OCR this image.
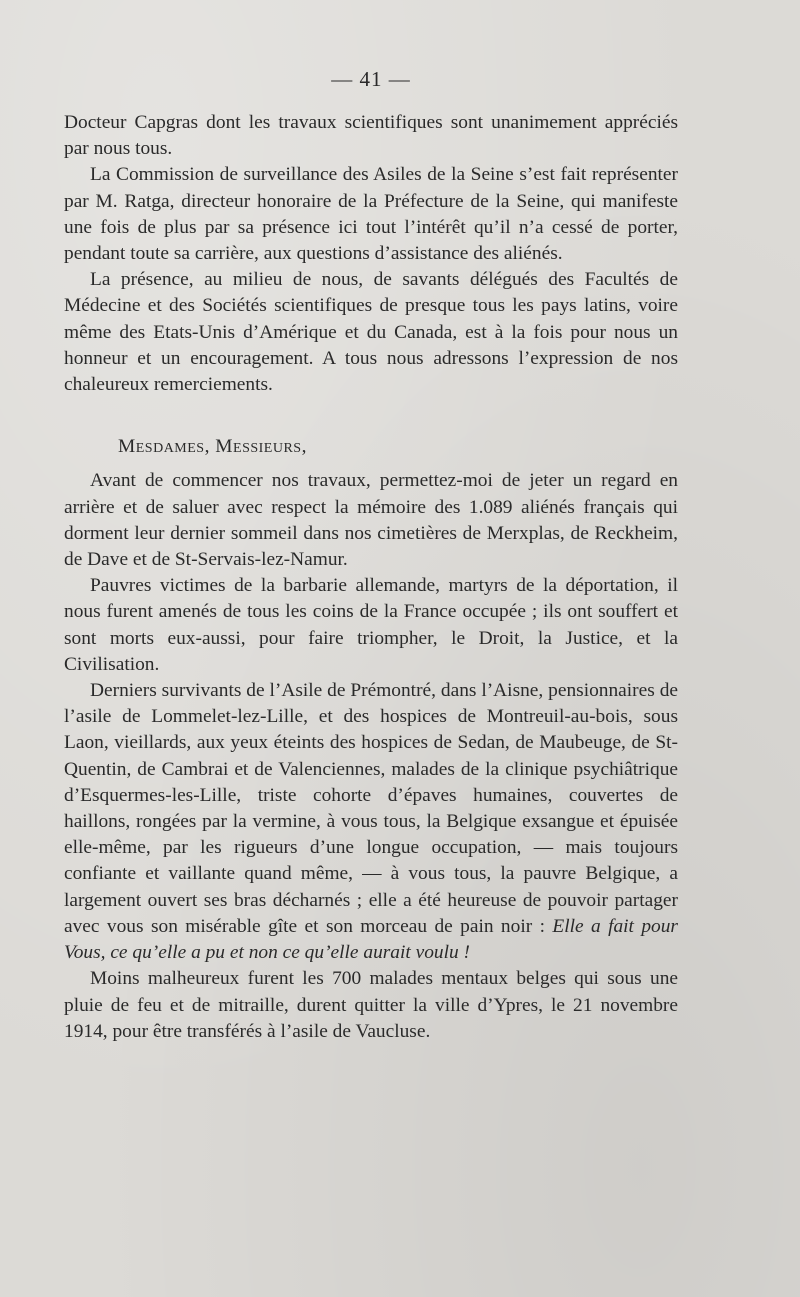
— 41 —

Docteur Capgras dont les travaux scientifiques sont unanimement appréciés par nous tous.

La Commission de surveillance des Asiles de la Seine s’est fait représenter par M. Ratga, directeur honoraire de la Préfecture de la Seine, qui manifeste une fois de plus par sa présence ici tout l’intérêt qu’il n’a cessé de porter, pendant toute sa carrière, aux questions d’assistance des aliénés.

La présence, au milieu de nous, de savants délégués des Facultés de Médecine et des Sociétés scientifiques de presque tous les pays latins, voire même des Etats-Unis d’Amérique et du Canada, est à la fois pour nous un honneur et un encouragement. A tous nous adressons l’expression de nos chaleureux remerciements.

Mesdames, Messieurs,

Avant de commencer nos travaux, permettez-moi de jeter un regard en arrière et de saluer avec respect la mémoire des 1.089 aliénés français qui dorment leur dernier sommeil dans nos cimetières de Merxplas, de Reckheim, de Dave et de St-Servais-lez-Namur.

Pauvres victimes de la barbarie allemande, martyrs de la déportation, il nous furent amenés de tous les coins de la France occupée ; ils ont souffert et sont morts eux-aussi, pour faire triompher, le Droit, la Justice, et la Civilisation.

Derniers survivants de l’Asile de Prémontré, dans l’Aisne, pensionnaires de l’asile de Lommelet-lez-Lille, et des hospices de Montreuil-au-bois, sous Laon, vieillards, aux yeux éteints des hospices de Sedan, de Maubeuge, de St-Quentin, de Cambrai et de Valenciennes, malades de la clinique psychiâtrique d’Esquermes-les-Lille, triste cohorte d’épaves humaines, couvertes de haillons, rongées par la vermine, à vous tous, la Belgique exsangue et épuisée elle-même, par les rigueurs d’une longue occupation, — mais toujours confiante et vaillante quand même, — à vous tous, la pauvre Belgique, a largement ouvert ses bras décharnés ; elle a été heureuse de pouvoir partager avec vous son misérable gîte et son morceau de pain noir : Elle a fait pour Vous, ce qu’elle a pu et non ce qu’elle aurait voulu !

Moins malheureux furent les 700 malades mentaux belges qui sous une pluie de feu et de mitraille, durent quitter la ville d’Ypres, le 21 novembre 1914, pour être transférés à l’asile de Vaucluse.
